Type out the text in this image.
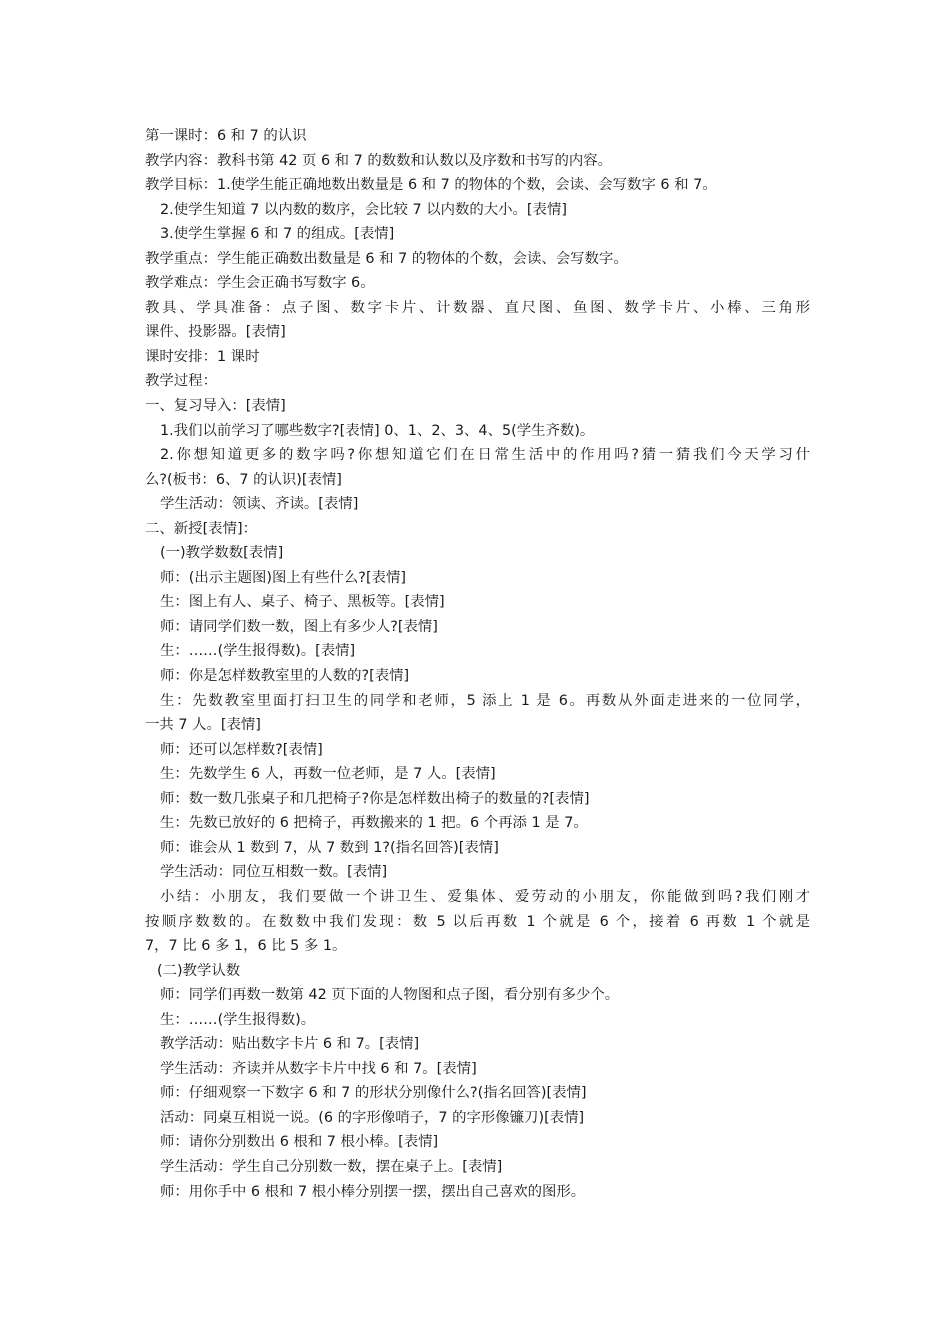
第一课时：6 和 7 的认识
教学内容：教科书第 42 页 6 和 7 的数数和认数以及序数和书写的内容。
教学目标：1.使学生能正确地数出数量是 6 和 7 的物体的个数，会读、会写数字 6 和 7。
2.使学生知道 7 以内数的数序，会比较 7 以内数的大小。[表情]
3.使学生掌握 6 和 7 的组成。[表情]
教学重点：学生能正确数出数量是 6 和 7 的物体的个数，会读、会写数字。
教学难点：学生会正确书写数字 6。
教具、学具准备：点子图、数字卡片、计数器、直尺图、鱼图、数学卡片、小棒、三角形
课件、投影器。[表情]
课时安排：1 课时
教学过程：
一、复习导入：[表情]
1.我们以前学习了哪些数字?[表情] 0、1、2、3、4、5(学生齐数)。
2.你想知道更多的数字吗?你想知道它们在日常生活中的作用吗?猜一猜我们今天学习什
么?(板书：6、7 的认识)[表情]
学生活动：领读、齐读。[表情]
二、新授[表情]：
(一)教学数数[表情]
师：(出示主题图)图上有些什么?[表情]
生：图上有人、桌子、椅子、黑板等。[表情]
师：请同学们数一数，图上有多少人?[表情]
生：……(学生报得数)。[表情]
师：你是怎样数教室里的人数的?[表情]
生：先数教室里面打扫卫生的同学和老师，5 添上 1 是 6。再数从外面走进来的一位同学，
一共 7 人。[表情]
师：还可以怎样数?[表情]
生：先数学生 6 人，再数一位老师，是 7 人。[表情]
师：数一数几张桌子和几把椅子?你是怎样数出椅子的数量的?[表情]
生：先数已放好的 6 把椅子，再数搬来的 1 把。6 个再添 1 是 7。
师：谁会从 1 数到 7，从 7 数到 1?(指名回答)[表情]
学生活动：同位互相数一数。[表情]
小结：小朋友，我们要做一个讲卫生、爱集体、爱劳动的小朋友，你能做到吗?我们刚才
按顺序数数的。在数数中我们发现：数 5 以后再数 1 个就是 6 个，接着 6 再数 1 个就是
7，7 比 6 多 1，6 比 5 多 1。
(二)教学认数
师：同学们再数一数第 42 页下面的人物图和点子图，看分别有多少个。
生：……(学生报得数)。
教学活动：贴出数字卡片 6 和 7。[表情]
学生活动：齐读并从数字卡片中找 6 和 7。[表情]
师：仔细观察一下数字 6 和 7 的形状分别像什么?(指名回答)[表情]
活动：同桌互相说一说。(6 的字形像哨子，7 的字形像镰刀)[表情]
师：请你分别数出 6 根和 7 根小棒。[表情]
学生活动：学生自己分别数一数，摆在桌子上。[表情]
师：用你手中 6 根和 7 根小棒分别摆一摆，摆出自己喜欢的图形。
